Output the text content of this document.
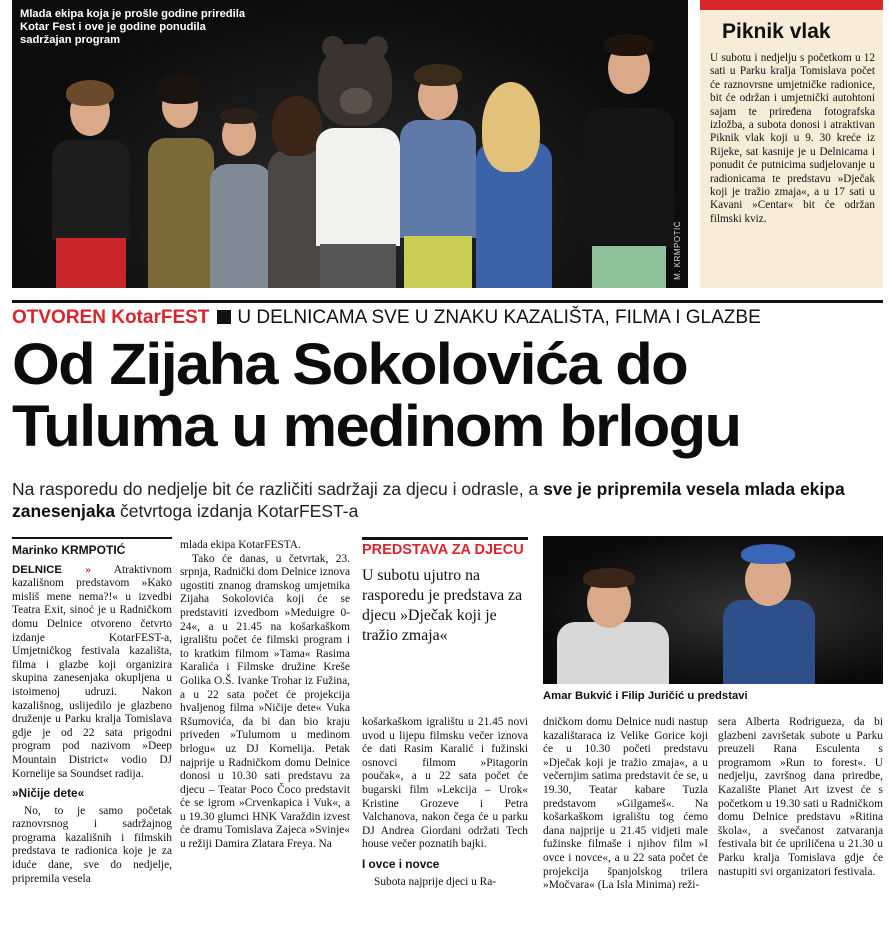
Mlada ekipa koja je prošle godine priredila Kotar Fest i ove je godine ponudila sadržajan program
M. KRMPOTIĆ
Piknik vlak
U subotu i nedjelju s početkom u 12 sati u Parku kralja Tomislava počet će raznovrsne umjetničke radionice, bit će održan i umjetnički autohtoni sajam te priređena fotografska izložba, a subota donosi i atraktivan Piknik vlak koji u 9. 30 kreće iz Rijeke, sat kasnije je u Delnicama i ponudit će putnicima sudjelovanje u radionicama te predstavu »Dječak koji je tražio zmaja«, a u 17 sati u Kavani »Centar« bit će održan filmski kviz.
OTVOREN KotarFEST U DELNICAMA SVE U ZNAKU KAZALIŠTA, FILMA I GLAZBE
Od Zijaha Sokolovića do
Tuluma u medinom brlogu
Na rasporedu do nedjelje bit će različiti sadržaji za djecu i odrasle, a sve je pripremila vesela mlada ekipa zanesenjaka četvrtoga izdanja KotarFEST-a
Marinko KRMPOTIĆ

DELNICE » Atraktivnom kazališnom predstavom »Kako misliš mene nema?!« u izvedbi Teatra Exit, sinoć je u Radničkom domu Delnice otvoreno četvrto izdanje KotarFEST-a, Umjetničkog festivala kazališta, filma i glazbe koji organizira skupina zanesenjaka okupljena u istoimenoj udruzi. Nakon kazališnog, uslijedilo je glazbeno druženje u Parku kralja Tomislava gdje je od 22 sata prigodni program pod nazivom »Deep Mountain District« vodio DJ Kornelije sa Soundset radija.

»Ničije dete«

No, to je samo početak raznovrsnog i sadržajnog programa kazališnih i filmskih predstava te radionica koje je za iduće dane, sve do nedjelje, pripremila vesela

mlada ekipa KotarFESTA.

Tako će danas, u četvrtak, 23. srpnja, Radnički dom Delnice iznova ugostiti znanog dramskog umjetnika Zijaha Sokolovića koji će se predstaviti izvedbom »Meduigre 0-24«, a u 21.45 na košarkaškom igralištu počet će filmski program i to kratkim filmom »Tama« Rasima Karalića i Filmske družine Kreše Golika O.Š. Ivanke Trohar iz Fužina, a u 22 sata počet će projekcija hvaljenog filma »Ničije dete« Vuka Ršumovića, da bi dan bio kraju priveden »Tulumom u medinom brlogu« uz DJ Kornelija. Petak najprije u Radničkom domu Delnice donosi u 10.30 sati predstavu za djecu – Teatar Poco Čoco predstavit će se igrom »Crvenkapica i Vuk«, a u 19.30 glumci HNK Varaždin izvest će dramu Tomislava Zajeca »Svinje« u režiji Damira Zlatara Freya. Na

PREDSTAVA ZA DJECU
U subotu ujutro na rasporedu je predstava za djecu »Dječak koji je tražio zmaja«

košarkaškom igralištu u 21.45 novi uvod u lijepu filmsku večer iznova će dati Rasim Karalić i fužinski osnovci filmom »Pitagorin poučak«, a u 22 sata počet će bugarski film »Lekcija – Urok« Kristine Grozeve i Petra Valchanova, nakon čega će u parku DJ Andrea Giordani održati Tech house večer poznatih bajki.

I ovce i novce

Subota najprije djeci u Ra-

Amar Bukvić i Filip Juričić u predstavi

dničkom domu Delnice nudi nastup kazalištaraca iz Velike Gorice koji će u 10.30 početi predstavu »Dječak koji je tražio zmaja«, a u večernjim satima predstavit će se, u 19.30, Teatar kabare Tuzla predstavom »Gilgameš«. Na košarkaškom igralištu tog ćemo dana najprije u 21.45 vidjeti male fužinske filmaše i njihov film »I ovce i novce«, a u 22 sata počet će projekcija španjolskog trilera »Močvara« (La Isla Minima) reži-

sera Alberta Rodrigueza, da bi glazbeni završetak subote u Parku preuzeli Rana Esculenta s programom »Run to forest«. U nedjelju, završnog dana priredbe, Kazalište Planet Art izvest će s početkom u 19.30 sati u Radničkom domu Delnice predstavu »Ritina škola«, a svečanost zatvaranja festivala bit će upriličena u 21.30 u Parku kralja Tomislava gdje će nastupiti svi organizatori festivala.
